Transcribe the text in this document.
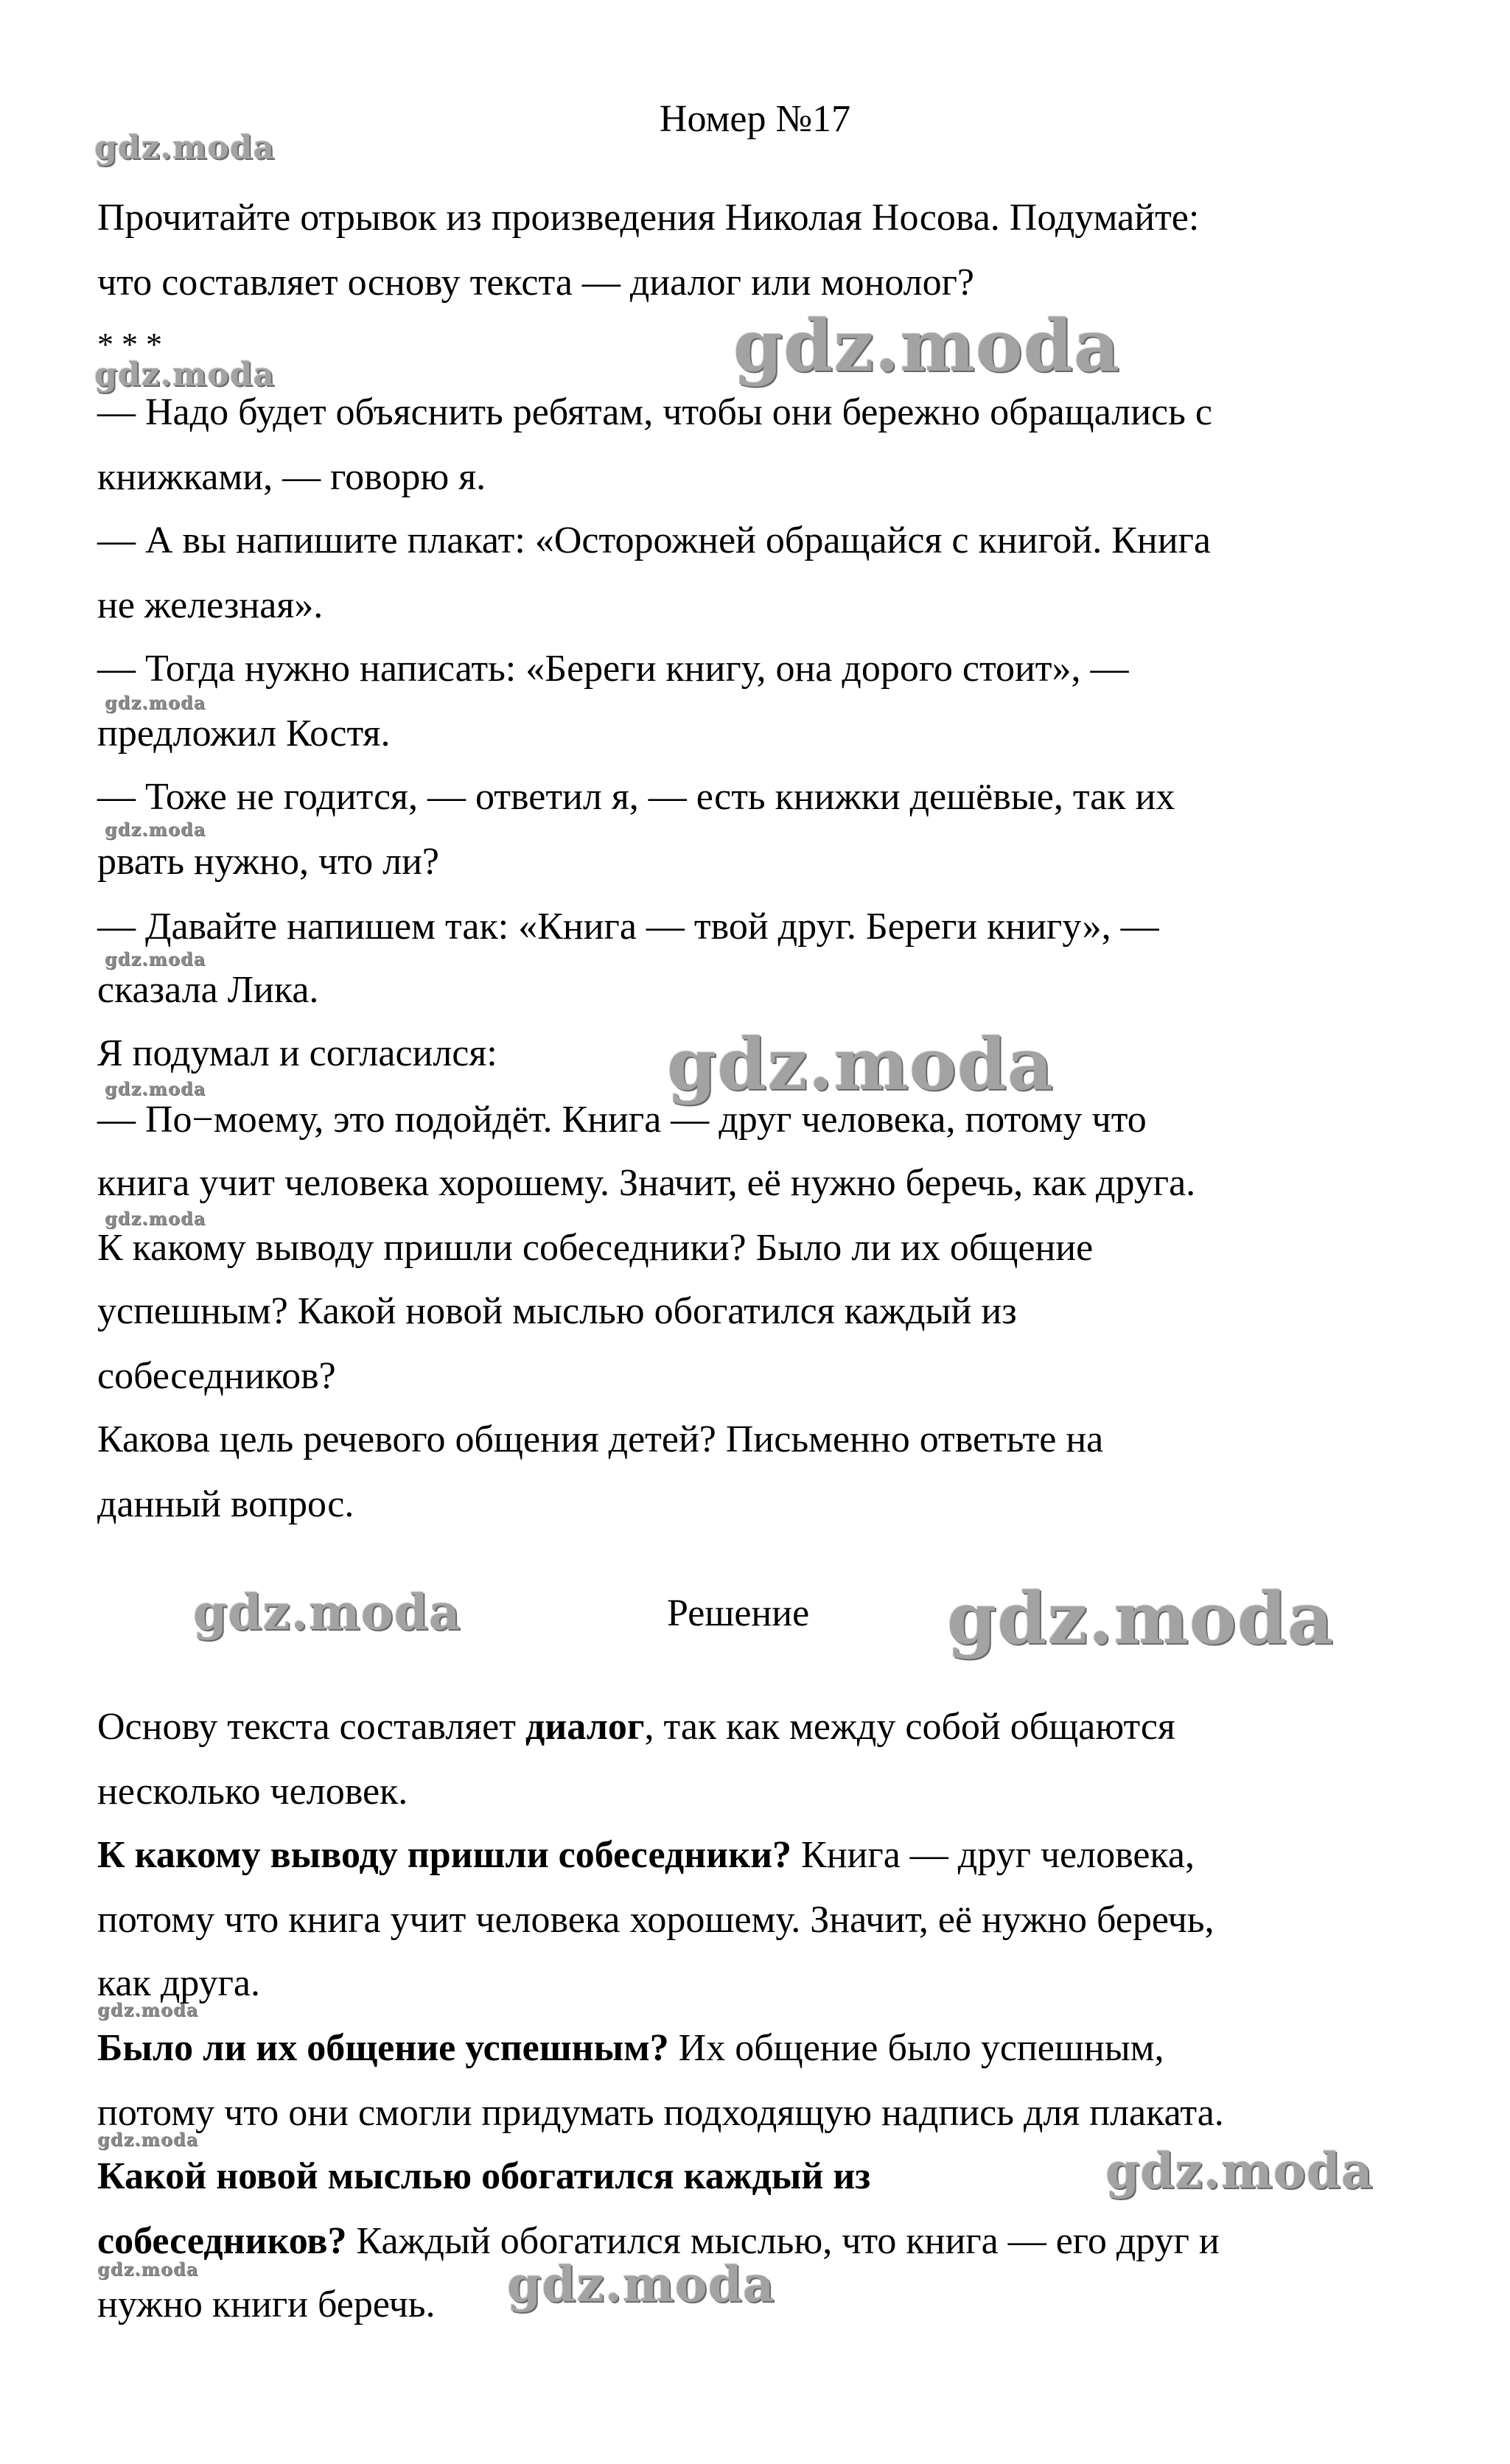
gdz.moda
gdz.moda
gdz.moda
gdz.moda
gdz.moda
gdz.moda
gdz.moda
gdz.moda
gdz.moda
gdz.moda	gdz.moda
gdz.moda
gdz.moda
gdz.moda
gdz.moda	gdz.moda
Номер №17
Прочитайте отрывок из произведения Николая Носова. Подумайте:
что составляет основу текста — диалог или монолог?
* * *
— Надо будет объяснить ребятам, чтобы они бережно обращались с
книжками, — говорю я.
— А вы напишите плакат: «Осторожней обращайся с книгой. Книга
не железная».
— Тогда нужно написать: «Береги книгу, она дорого стоит», —
предложил Костя.
— Тоже не годится, — ответил я, — есть книжки дешёвые, так их
рвать нужно, что ли?
— Давайте напишем так: «Книга — твой друг. Береги книгу», —
сказала Лика.
Я подумал и согласился:
— По−моему, это подойдёт. Книга — друг человека, потому что
книга учит человека хорошему. Значит, её нужно беречь, как друга.
К какому выводу пришли собеседники? Было ли их общение
успешным? Какой новой мыслью обогатился каждый из
собеседников?
Какова цель речевого общения детей? Письменно ответьте на
данный вопрос.
Решение
Основу текста составляет диалог, так как между собой общаются
несколько человек.
К какому выводу пришли собеседники? Книга — друг человека,
потому что книга учит человека хорошему. Значит, её нужно беречь,
как друга.
Было ли их общение успешным? Их общение было успешным,
потому что они смогли придумать подходящую надпись для плаката.
Какой новой мыслью обогатился каждый из
собеседников? Каждый обогатился мыслью, что книга — его друг и
нужно книги беречь.
